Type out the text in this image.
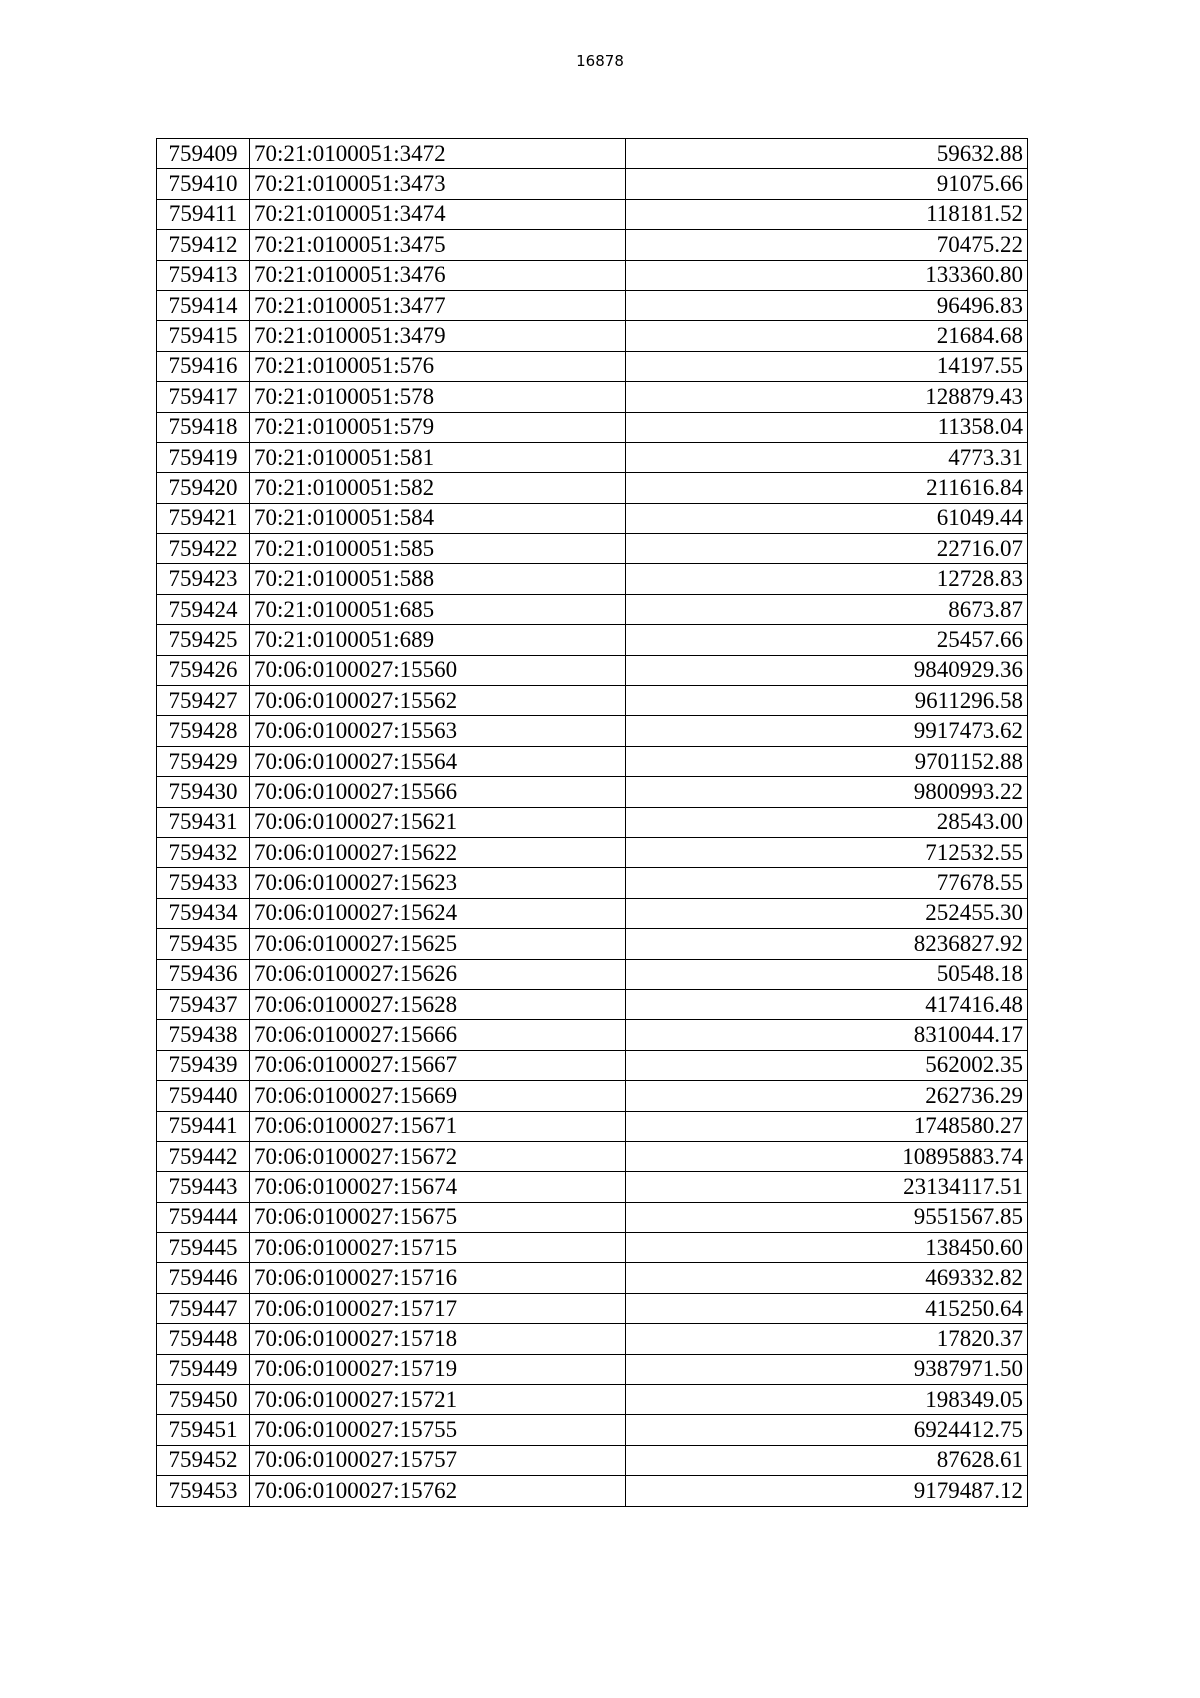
16878
759409	70:21:0100051:3472	59632.88
759410	70:21:0100051:3473	91075.66
759411	70:21:0100051:3474	118181.52
759412	70:21:0100051:3475	70475.22
759413	70:21:0100051:3476	133360.80
759414	70:21:0100051:3477	96496.83
759415	70:21:0100051:3479	21684.68
759416	70:21:0100051:576	14197.55
759417	70:21:0100051:578	128879.43
759418	70:21:0100051:579	11358.04
759419	70:21:0100051:581	4773.31
759420	70:21:0100051:582	211616.84
759421	70:21:0100051:584	61049.44
759422	70:21:0100051:585	22716.07
759423	70:21:0100051:588	12728.83
759424	70:21:0100051:685	8673.87
759425	70:21:0100051:689	25457.66
759426	70:06:0100027:15560	9840929.36
759427	70:06:0100027:15562	9611296.58
759428	70:06:0100027:15563	9917473.62
759429	70:06:0100027:15564	9701152.88
759430	70:06:0100027:15566	9800993.22
759431	70:06:0100027:15621	28543.00
759432	70:06:0100027:15622	712532.55
759433	70:06:0100027:15623	77678.55
759434	70:06:0100027:15624	252455.30
759435	70:06:0100027:15625	8236827.92
759436	70:06:0100027:15626	50548.18
759437	70:06:0100027:15628	417416.48
759438	70:06:0100027:15666	8310044.17
759439	70:06:0100027:15667	562002.35
759440	70:06:0100027:15669	262736.29
759441	70:06:0100027:15671	1748580.27
759442	70:06:0100027:15672	10895883.74
759443	70:06:0100027:15674	23134117.51
759444	70:06:0100027:15675	9551567.85
759445	70:06:0100027:15715	138450.60
759446	70:06:0100027:15716	469332.82
759447	70:06:0100027:15717	415250.64
759448	70:06:0100027:15718	17820.37
759449	70:06:0100027:15719	9387971.50
759450	70:06:0100027:15721	198349.05
759451	70:06:0100027:15755	6924412.75
759452	70:06:0100027:15757	87628.61
759453	70:06:0100027:15762	9179487.12
